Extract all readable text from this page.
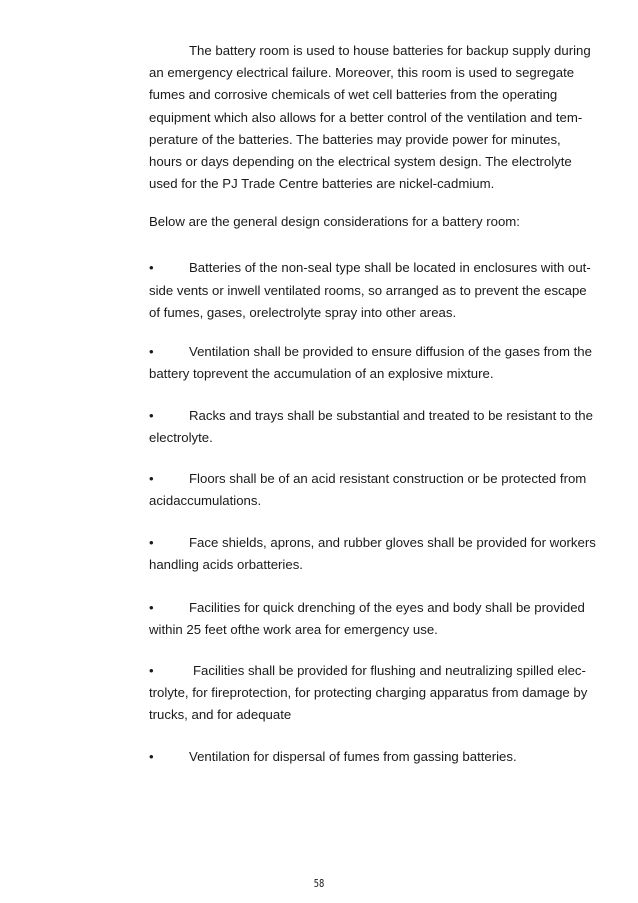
The battery room is used to house batteries for backup supply during
an emergency electrical failure. Moreover, this room is used to segregate
fumes and corrosive chemicals of wet cell batteries from the operating
equipment which also allows for a better control of the ventilation and tem-
perature of the batteries. The batteries may provide power for minutes,
hours or days depending on the electrical system design. The electrolyte
used for the PJ Trade Centre batteries are nickel-cadmium.
Below are the general design considerations for a battery room:
•	Batteries of the non-seal type shall be located in enclosures with out-
side vents or inwell ventilated rooms, so arranged as to prevent the escape
of fumes, gases, orelectrolyte spray into other areas.
•	Ventilation shall be provided to ensure diffusion of the gases from the
battery toprevent the accumulation of an explosive mixture.
•	Racks and trays shall be substantial and treated to be resistant to the
electrolyte.
•	Floors shall be of an acid resistant construction or be protected from
acidaccumulations.
•	Face shields, aprons, and rubber gloves shall be provided for workers
handling acids orbatteries.
•	Facilities for quick drenching of the eyes and body shall be provided
within 25 feet ofthe work area for emergency use.
•	Facilities shall be provided for flushing and neutralizing spilled elec-
trolyte, for fireprotection, for protecting charging apparatus from damage by
trucks, and for adequate
•	Ventilation for dispersal of fumes from gassing batteries.
58
